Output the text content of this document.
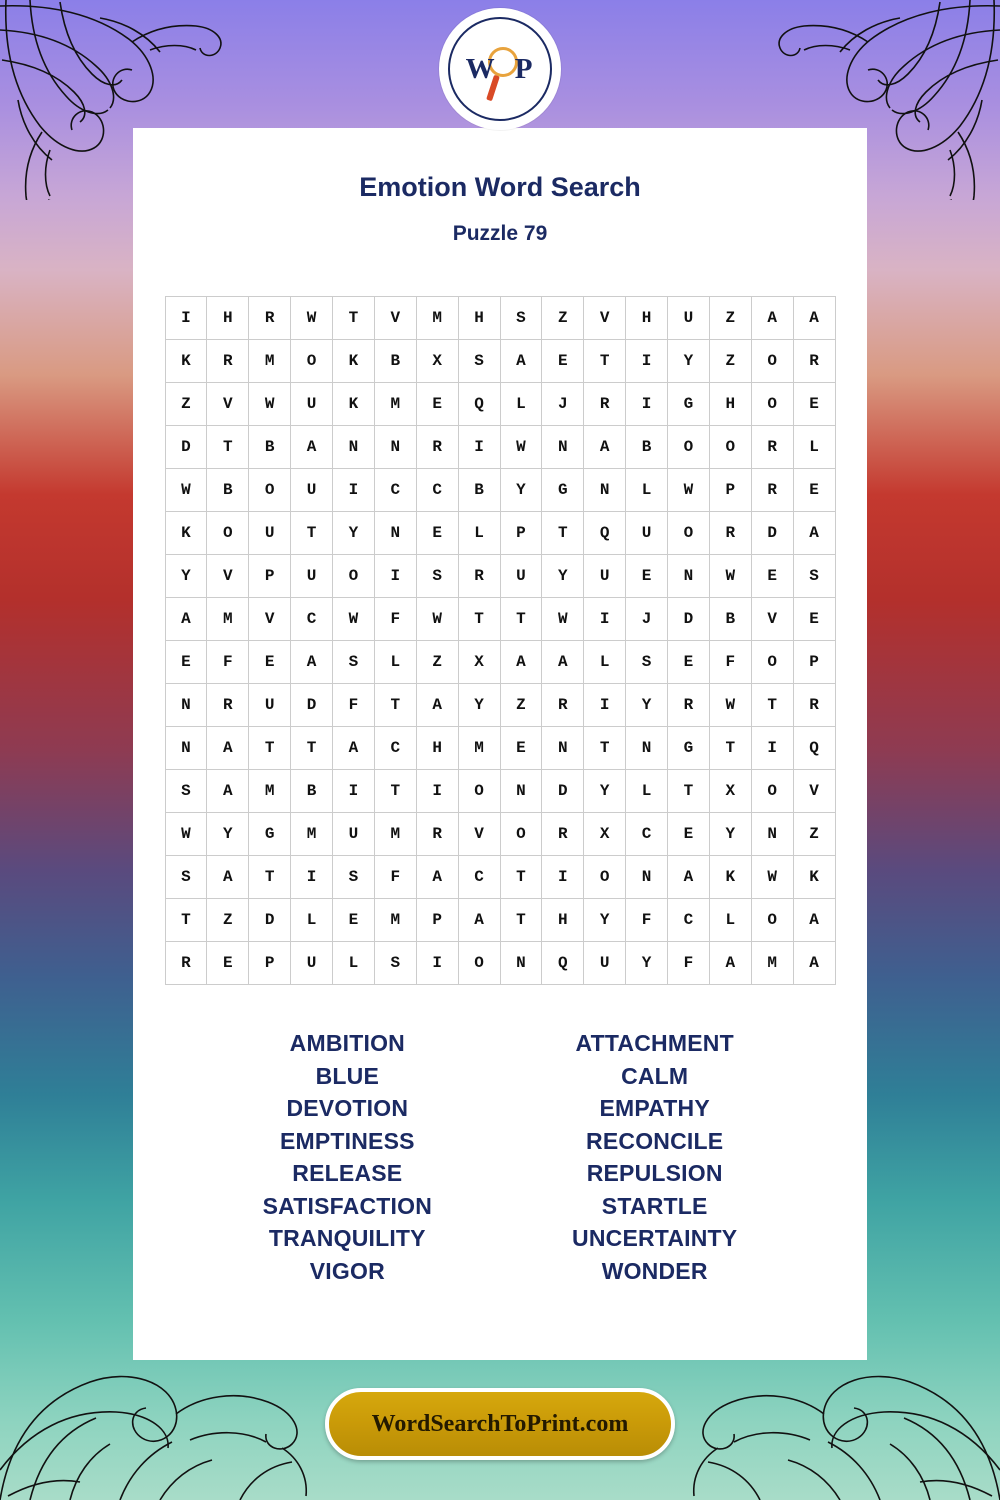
W P
Emotion Word Search
Puzzle 79
I	H	R	W	T	V	M	H	S	Z	V	H	U	Z	A	A
K	R	M	O	K	B	X	S	A	E	T	I	Y	Z	O	R
Z	V	W	U	K	M	E	Q	L	J	R	I	G	H	O	E
D	T	B	A	N	N	R	I	W	N	A	B	O	O	R	L
W	B	O	U	I	C	C	B	Y	G	N	L	W	P	R	E
K	O	U	T	Y	N	E	L	P	T	Q	U	O	R	D	A
Y	V	P	U	O	I	S	R	U	Y	U	E	N	W	E	S
A	M	V	C	W	F	W	T	T	W	I	J	D	B	V	E
E	F	E	A	S	L	Z	X	A	A	L	S	E	F	O	P
N	R	U	D	F	T	A	Y	Z	R	I	Y	R	W	T	R
N	A	T	T	A	C	H	M	E	N	T	N	G	T	I	Q
S	A	M	B	I	T	I	O	N	D	Y	L	T	X	O	V
W	Y	G	M	U	M	R	V	O	R	X	C	E	Y	N	Z
S	A	T	I	S	F	A	C	T	I	O	N	A	K	W	K
T	Z	D	L	E	M	P	A	T	H	Y	F	C	L	O	A
R	E	P	U	L	S	I	O	N	Q	U	Y	F	A	M	A
AMBITION
BLUE
DEVOTION
EMPTINESS
RELEASE
SATISFACTION
TRANQUILITY
VIGOR
ATTACHMENT
CALM
EMPATHY
RECONCILE
REPULSION
STARTLE
UNCERTAINTY
WONDER
WordSearchToPrint.com
